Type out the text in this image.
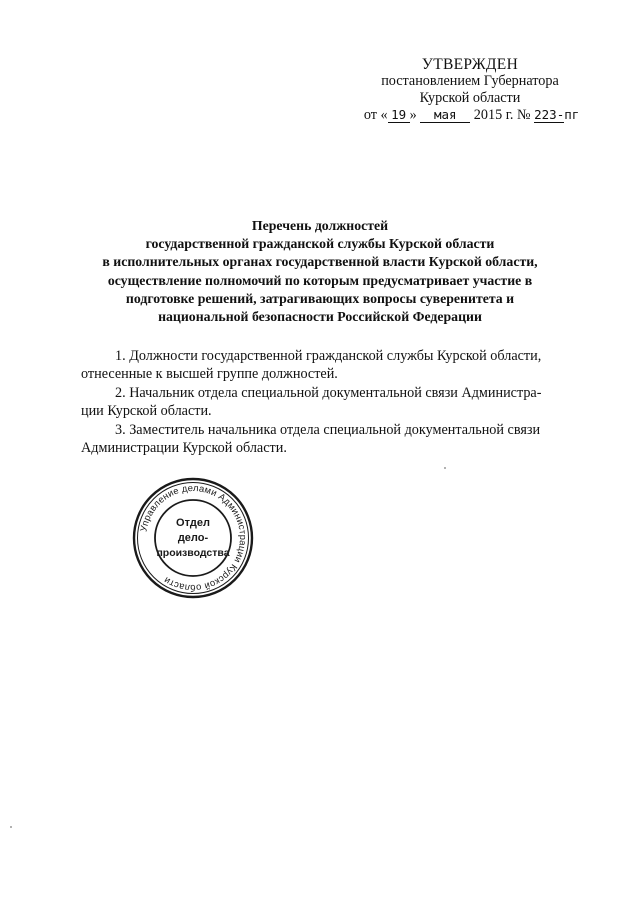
УТВЕРЖДЕН
постановлением Губернатора
Курской области
от « 19 » мая 2015 г. № 223-пг
Перечень должностей
государственной гражданской службы Курской области
в исполнительных органах государственной власти Курской области,
осуществление полномочий по которым предусматривает участие в
подготовке решений, затрагивающих вопросы суверенитета и
национальной безопасности Российской Федерации

1. Должности государственной гражданской службы Курской области,

отнесенные к высшей группе должностей.

2. Начальник отдела специальной документальной связи Администра-

ции Курской области.

3. Заместитель начальника отдела специальной документальной связи

Администрации Курской области.

Управление делами Администрации Курской области
Отдел
дело-
производства
